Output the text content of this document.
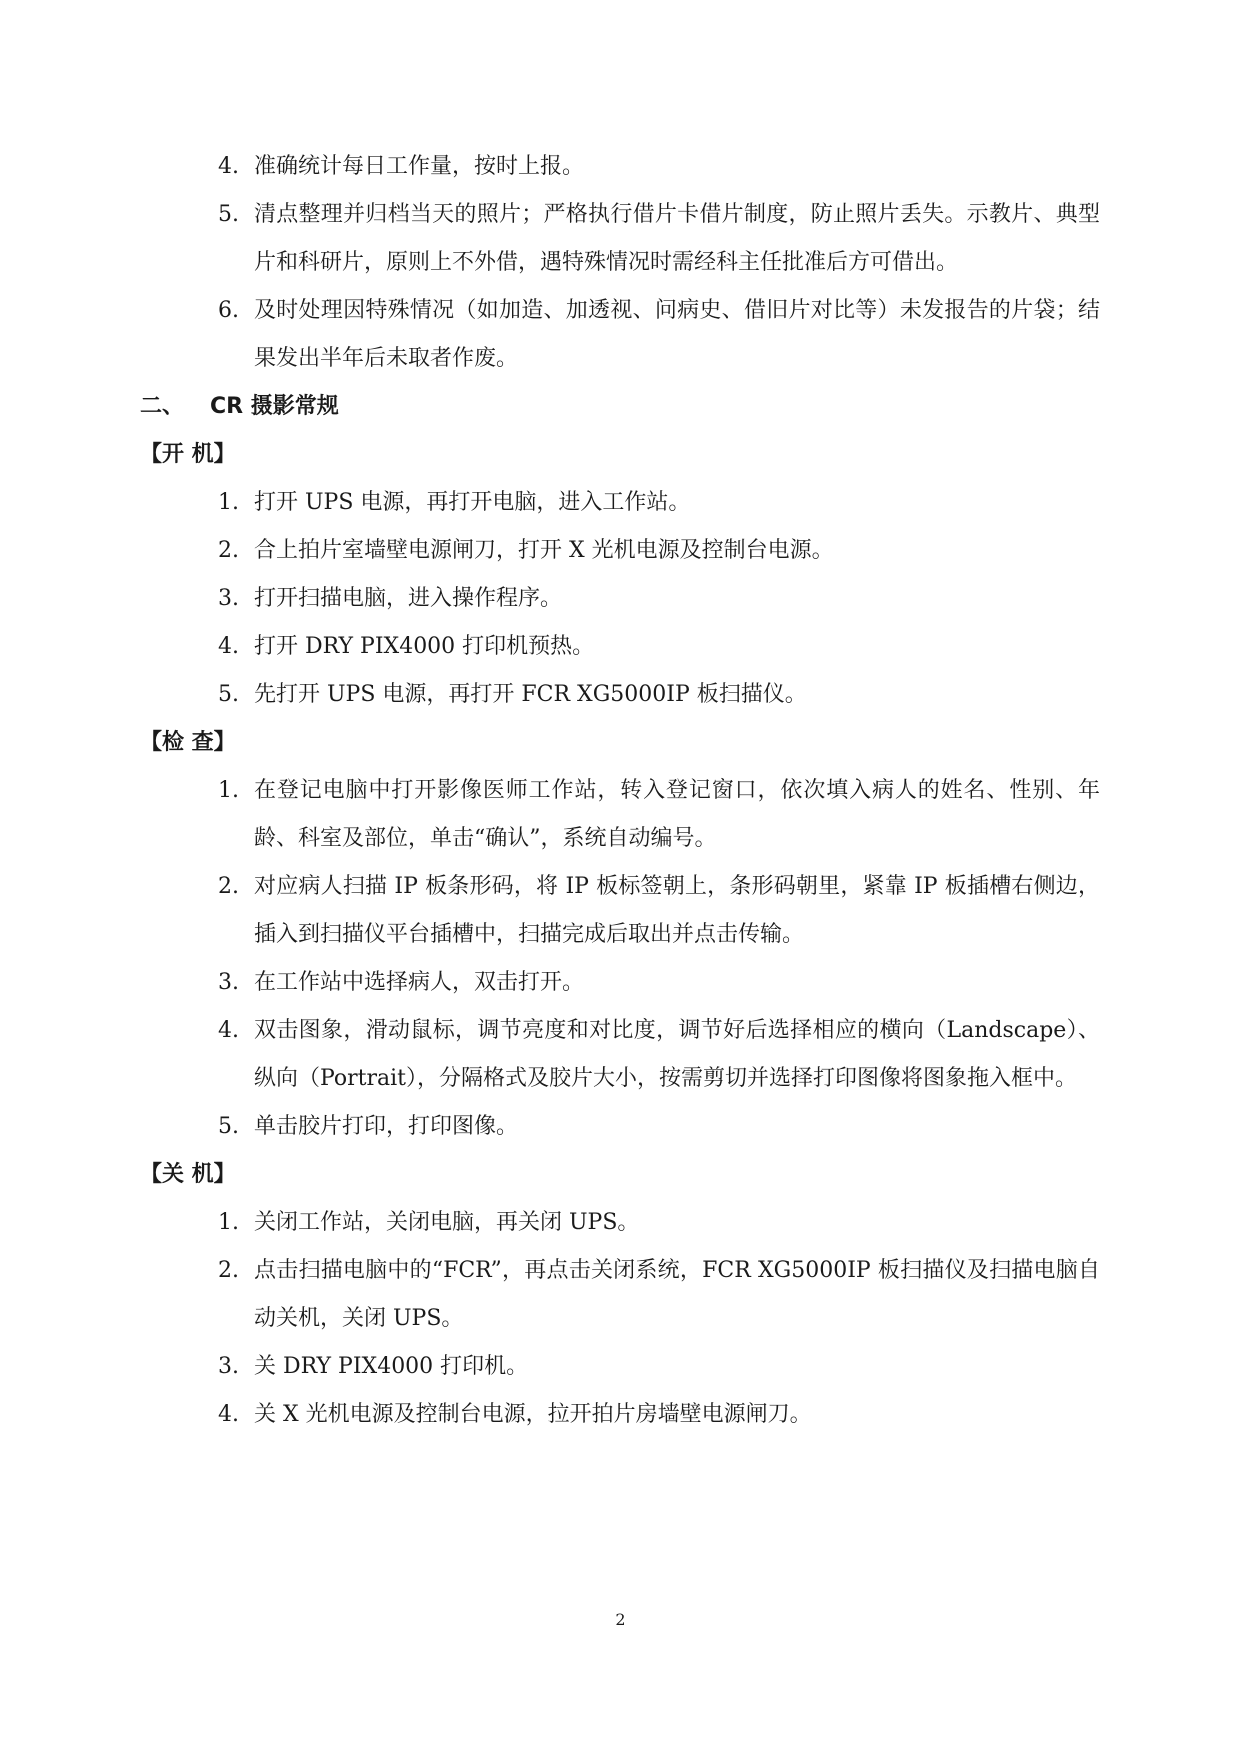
4. 准确统计每日工作量，按时上报。
5. 清点整理并归档当天的照片；严格执行借片卡借片制度，防止照片丢失。示教片、典型片和科研片，原则上不外借，遇特殊情况时需经科主任批准后方可借出。
6. 及时处理因特殊情况（如加造、加透视、问病史、借旧片对比等）未发报告的片袋；结果发出半年后未取者作废。
二、 CR 摄影常规
【开 机】
1. 打开 UPS 电源，再打开电脑，进入工作站。
2. 合上拍片室墙壁电源闸刀，打开 X 光机电源及控制台电源。
3. 打开扫描电脑，进入操作程序。
4. 打开 DRY PIX4000 打印机预热。
5. 先打开 UPS 电源，再打开 FCR XG5000IP 板扫描仪。
【检 查】
1. 在登记电脑中打开影像医师工作站，转入登记窗口，依次填入病人的姓名、性别、年龄、科室及部位，单击“确认”，系统自动编号。
2. 对应病人扫描 IP 板条形码，将 IP 板标签朝上，条形码朝里，紧靠 IP 板插槽右侧边，插入到扫描仪平台插槽中，扫描完成后取出并点击传输。
3. 在工作站中选择病人，双击打开。
4. 双击图象，滑动鼠标，调节亮度和对比度，调节好后选择相应的横向（Landscape）、纵向（Portrait），分隔格式及胶片大小，按需剪切并选择打印图像将图象拖入框中。
5. 单击胶片打印，打印图像。
【关 机】
1. 关闭工作站，关闭电脑，再关闭 UPS。
2. 点击扫描电脑中的“FCR”，再点击关闭系统，FCR XG5000IP 板扫描仪及扫描电脑自动关机，关闭 UPS。
3. 关 DRY PIX4000 打印机。
4. 关 X 光机电源及控制台电源，拉开拍片房墙壁电源闸刀。
2
